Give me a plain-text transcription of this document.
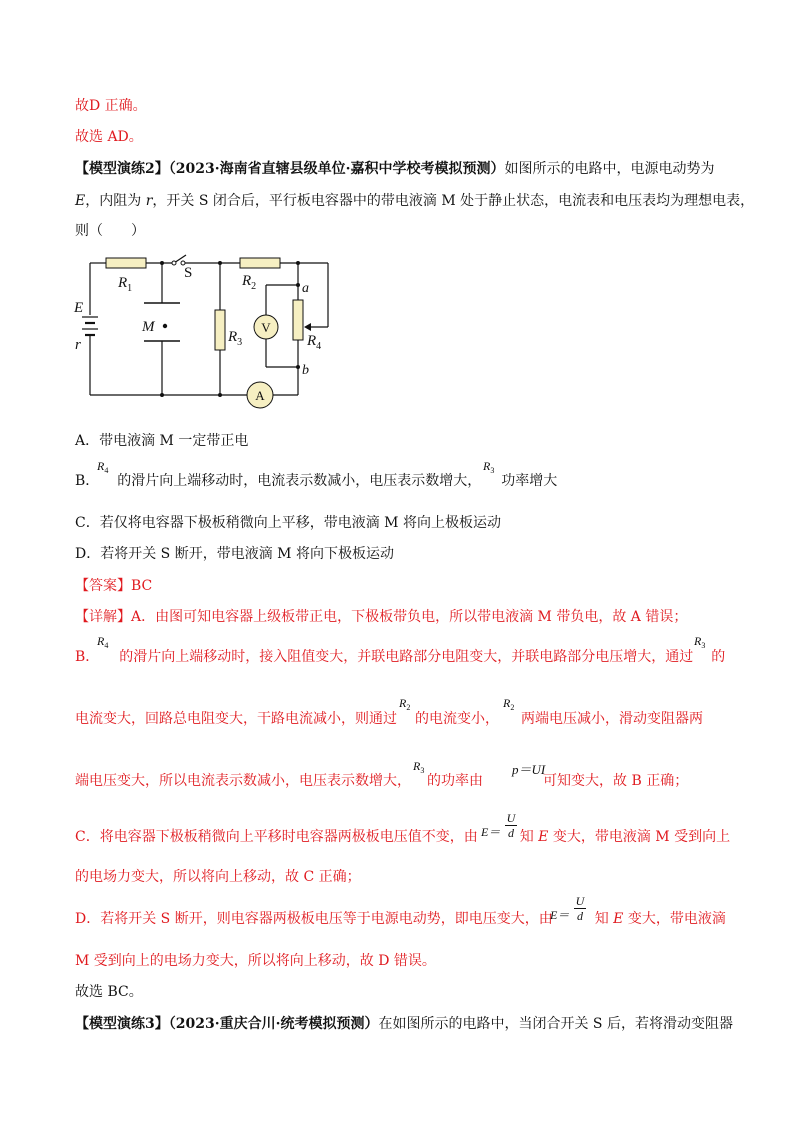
故D 正确。
故选 AD。
【模型演练2】（2023·海南省直辖县级单位·嘉积中学校考模拟预测）如图所示的电路中，电源电动势为
E，内阻为 r，开关 S 闭合后，平行板电容器中的带电液滴 M 处于静止状态，电流表和电压表均为理想电表，
则（　　）
V
A
E
r
$R_1$
S	$R_2$
M
$R_3$	$R_4$
a
b
A．带电液滴 M 一定带正电
B． 的滑片向上端移动时，电流表示数减小，电压表示数增大， 功率增大
$R_4$	$R_3$
C．若仅将电容器下极板稍微向上平移，带电液滴 M 将向上极板运动
D．若将开关 S 断开，带电液滴 M 将向下极板运动
【答案】BC
【详解】A．由图可知电容器上级板带正电，下极板带负电，所以带电液滴 M 带负电，故 A 错误；
B． 的滑片向上端移动时，接入阻值变大，并联电路部分电阻变大，并联电路部分电压增大，通过 的
$R_4$	$R_3$
电流变大，回路总电阻变大，干路电流减小，则通过 的电流变小， 两端电压减小，滑动变阻器两
$R_2$	$R_2$
端电压变大，所以电流表示数减小，电压表示数增大， 的功率由	可知变大，故 B 正确；
$R_3$	p＝UI
C．将电容器下极板稍微向上平移时电容器两极板电压值不变，由	知 E 变大，带电液滴 M 受到向上
E＝
U
d
的电场力变大，所以将向上移动，故 C 正确；
D．若将开关 S 断开，则电容器两极板电压等于电源电动势，即电压变大，由	知 E 变大，带电液滴
E＝
U
d
M 受到向上的电场力变大，所以将向上移动，故 D 错误。
故选 BC。
【模型演练3】（2023·重庆合川·统考模拟预测）在如图所示的电路中，当闭合开关 S 后，若将滑动变阻器
